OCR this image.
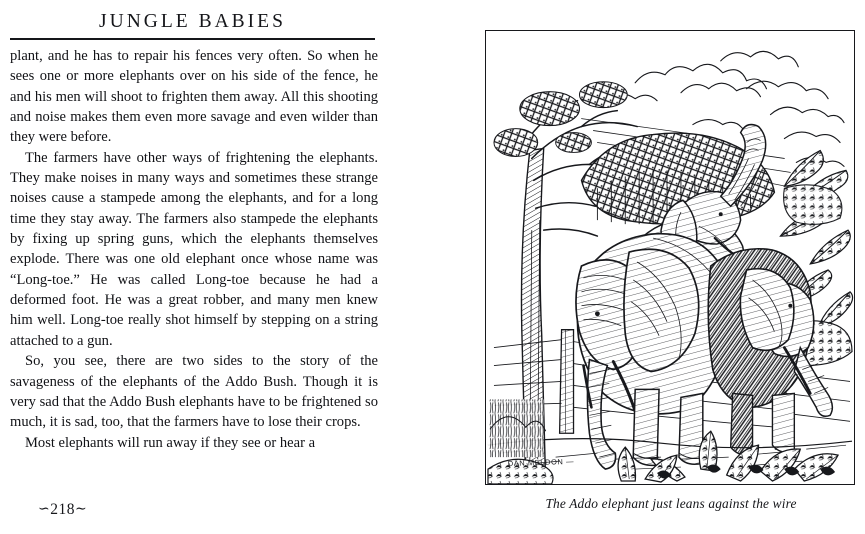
JUNGLE BABIES

plant, and he has to repair his fences very often. So when he sees one or more elephants over on his side of the fence, he and his men will shoot to frighten them away. All this shooting and noise makes them even more savage and even wilder than they were before.

The farmers have other ways of frightening the elephants. They make noises in many ways and sometimes these strange noises cause a stampede among the elephants, and for a long time they stay away. The farmers also stampede the elephants by fixing up spring guns, which the elephants themselves explode. There was one old elephant once whose name was “Long-toe.” He was called Long-toe because he had a deformed foot. He was a great robber, and many men knew him well. Long-toe really shot himself by stepping on a string attached to a gun.

So, you see, there are two sides to the story of the savageness of the elephants of the Addo Bush. Though it is very sad that the Addo Bush elephants have to be frightened so much, it is sad, too, that the farmers have to lose their crops.

Most elephants will run away if they see or hear a

∽218∼
DAN MELDON —
The Addo elephant just leans against the wire
